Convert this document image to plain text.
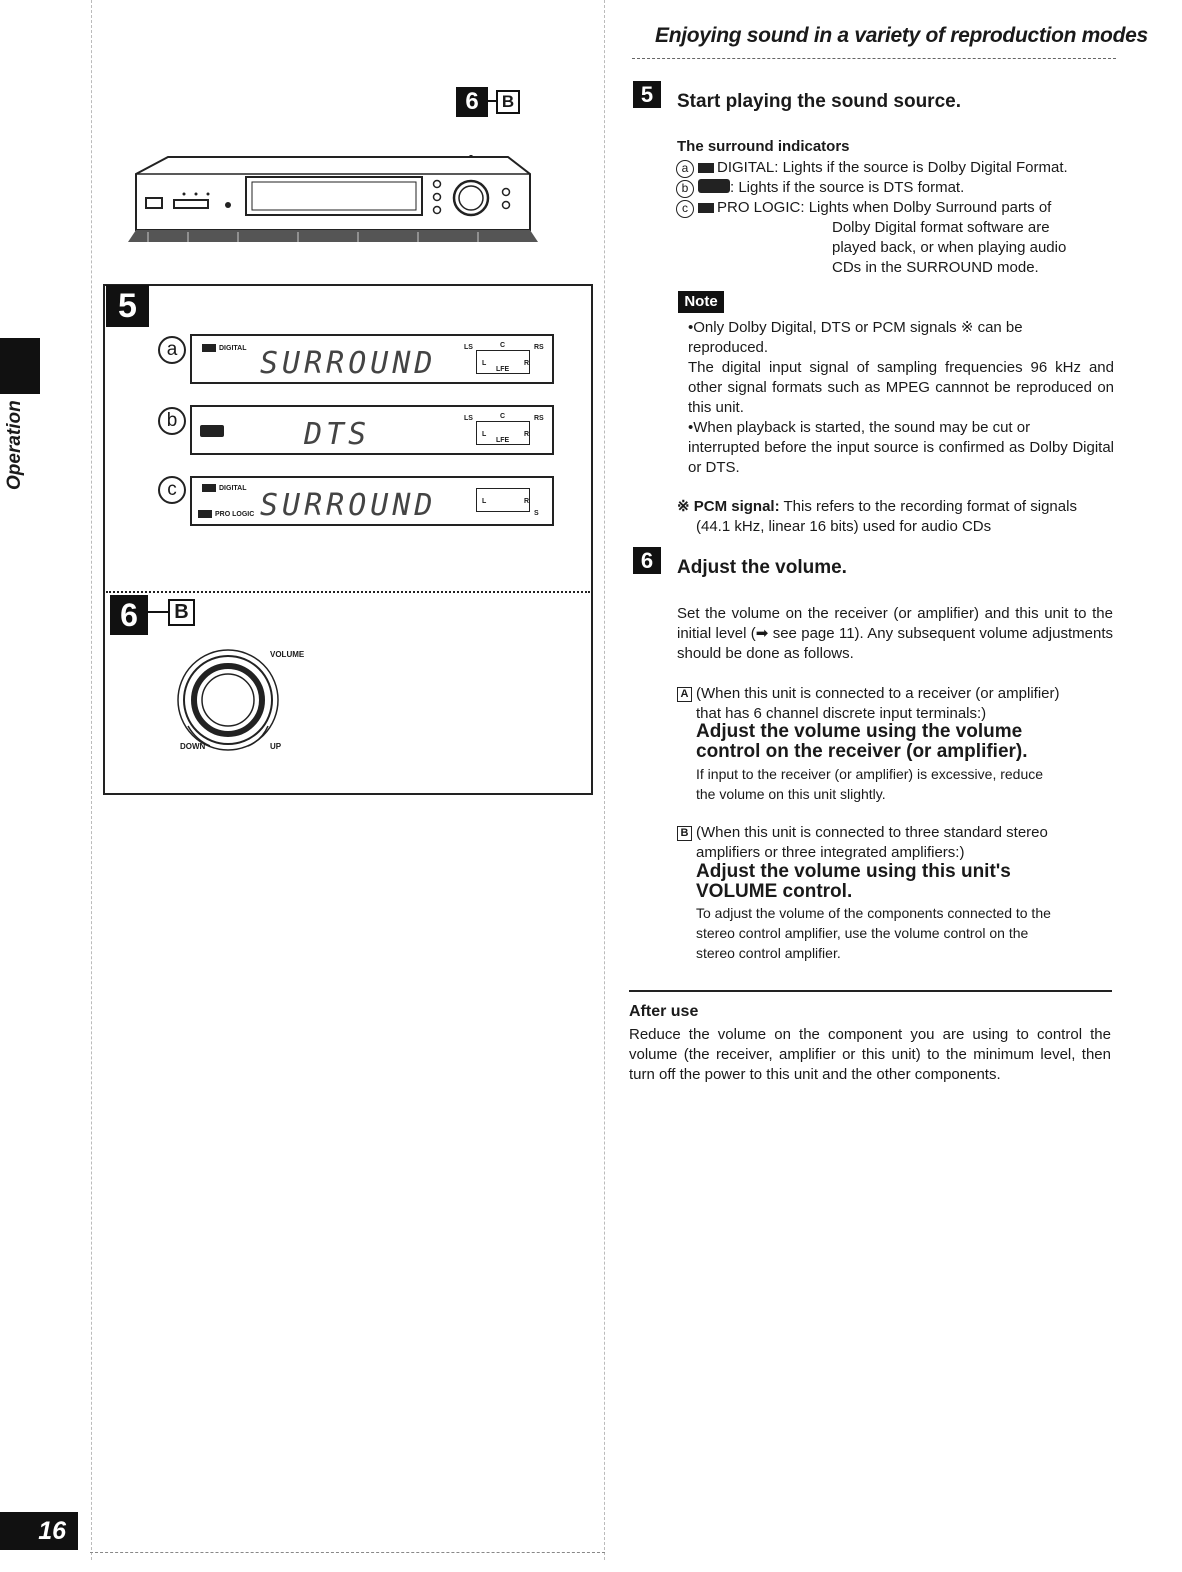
Enjoying sound in a variety of reproduction modes
Operation
16
6	B
5
a	DIGITAL SURROUND	LS	C	RS
L
LFE
R
b	DTS	LS	C	RS
L
LFE
R
c	DIGITAL
PRO LOGIC SURROUND	L	R
S
6	B
VOLUME
DOWN	UP
5	Start playing the sound source.
The surround indicators
a DIGITAL: Lights if the source is Dolby Digital Format.
b	: Lights if the source is DTS format.
c PRO LOGIC: Lights when Dolby Surround parts of
Dolby Digital format software are
played back, or when playing audio
CDs in the SURROUND mode.
Note
•Only Dolby Digital, DTS or PCM signals ※ can be
reproduced.
The digital input signal of sampling frequencies 96 kHz and other signal formats such as MPEG cannnot be reproduced on this unit.
•When playback is started, the sound may be cut or
interrupted before the input source is confirmed as Dolby Digital or DTS.
※ PCM signal: This refers to the recording format of signals
(44.1 kHz, linear 16 bits) used for audio CDs
6	Adjust the volume.
Set the volume on the receiver (or amplifier) and this unit to the initial level (➡ see page 11). Any subsequent volume adjustments should be done as follows.
A (When this unit is connected to a receiver (or amplifier)
that has 6 channel discrete input terminals:)
Adjust the volume using the volume
control on the receiver (or amplifier).
If input to the receiver (or amplifier) is excessive, reduce
the volume on this unit slightly.
B (When this unit is connected to three standard stereo
amplifiers or three integrated amplifiers:)
Adjust the volume using this unit's
VOLUME control.
To adjust the volume of the components connected to the
stereo control amplifier, use the volume control on the
stereo control amplifier.
After use
Reduce the volume on the component you are using to control the volume (the receiver, amplifier or this unit) to the minimum level, then turn off the power to this unit and the other components.
